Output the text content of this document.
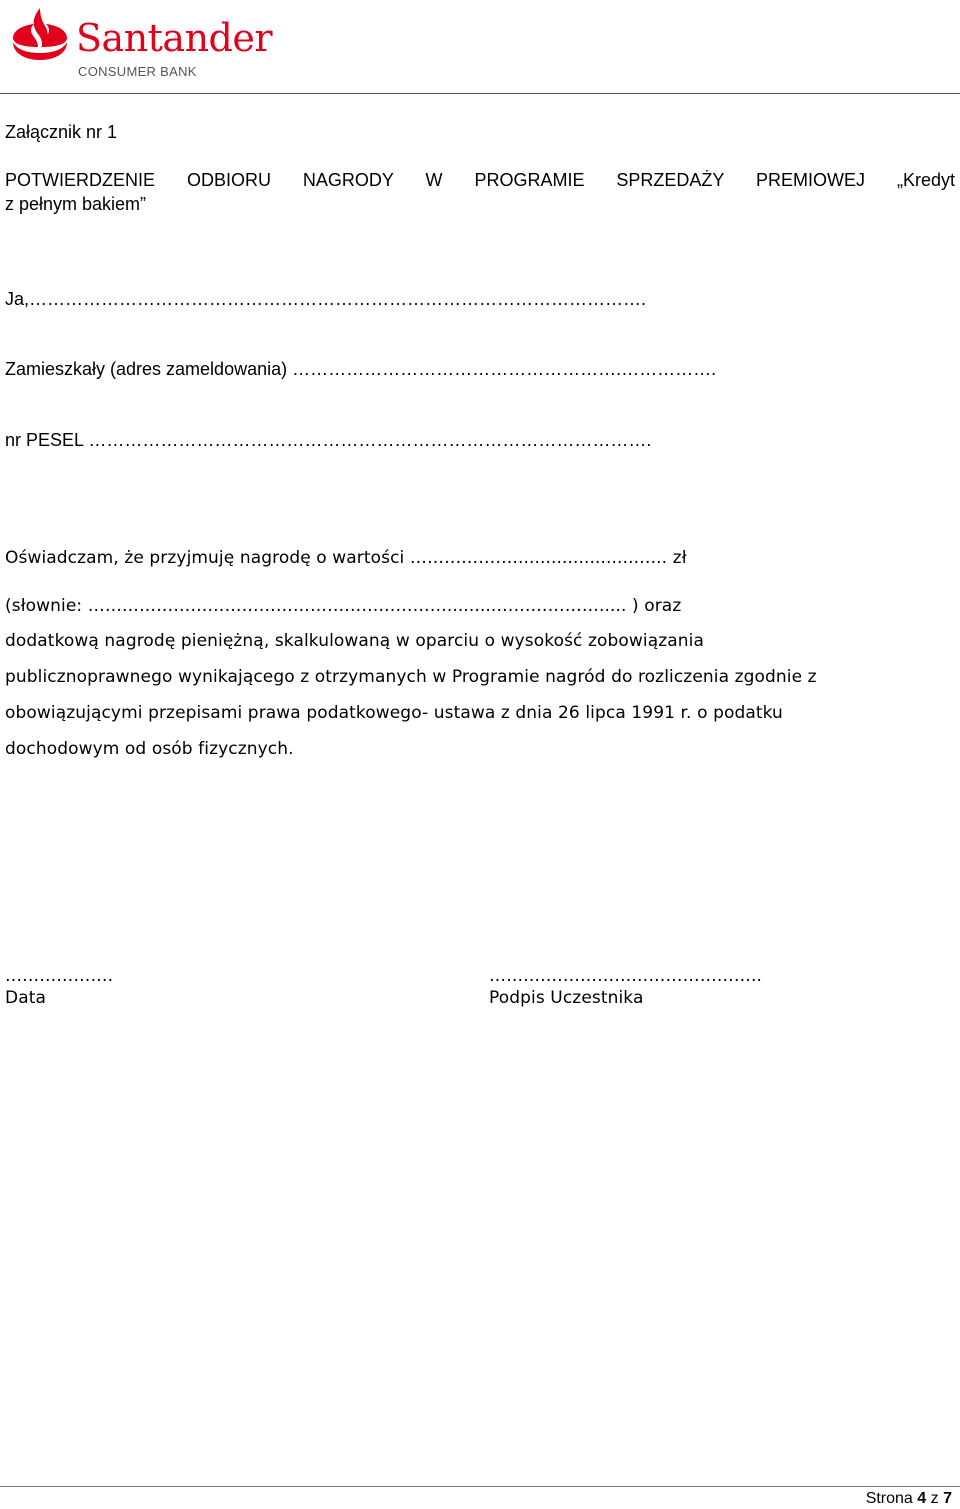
Santander
CONSUMER BANK
Załącznik nr 1
POTWIERDZENIE ODBIORU NAGRODY W PROGRAMIE SPRZEDAŻY PREMIOWEJ „Kredyt
z pełnym bakiem”
Ja,………………………………………………………………………………………….
Zamieszkały (adres zameldowania) ……………………………………………….…………….
nr PESEL ………………………………………………………………………………….
Oświadczam, że przyjmuję nagrodę o wartości ……………….......................….. zł
(słownie: ……………………………………………………….........………………..... ) oraz
dodatkową nagrodę pieniężną, skalkulowaną w oparciu o wysokość zobowiązania
publicznoprawnego wynikającego z otrzymanych w Programie nagród do rozliczenia zgodnie z
obowiązującymi przepisami prawa podatkowego- ustawa z dnia 26 lipca 1991 r. o podatku
dochodowym od osób fizycznych.
……………….
Data
…….…………………………………..
Podpis Uczestnika
Strona 4 z 7
